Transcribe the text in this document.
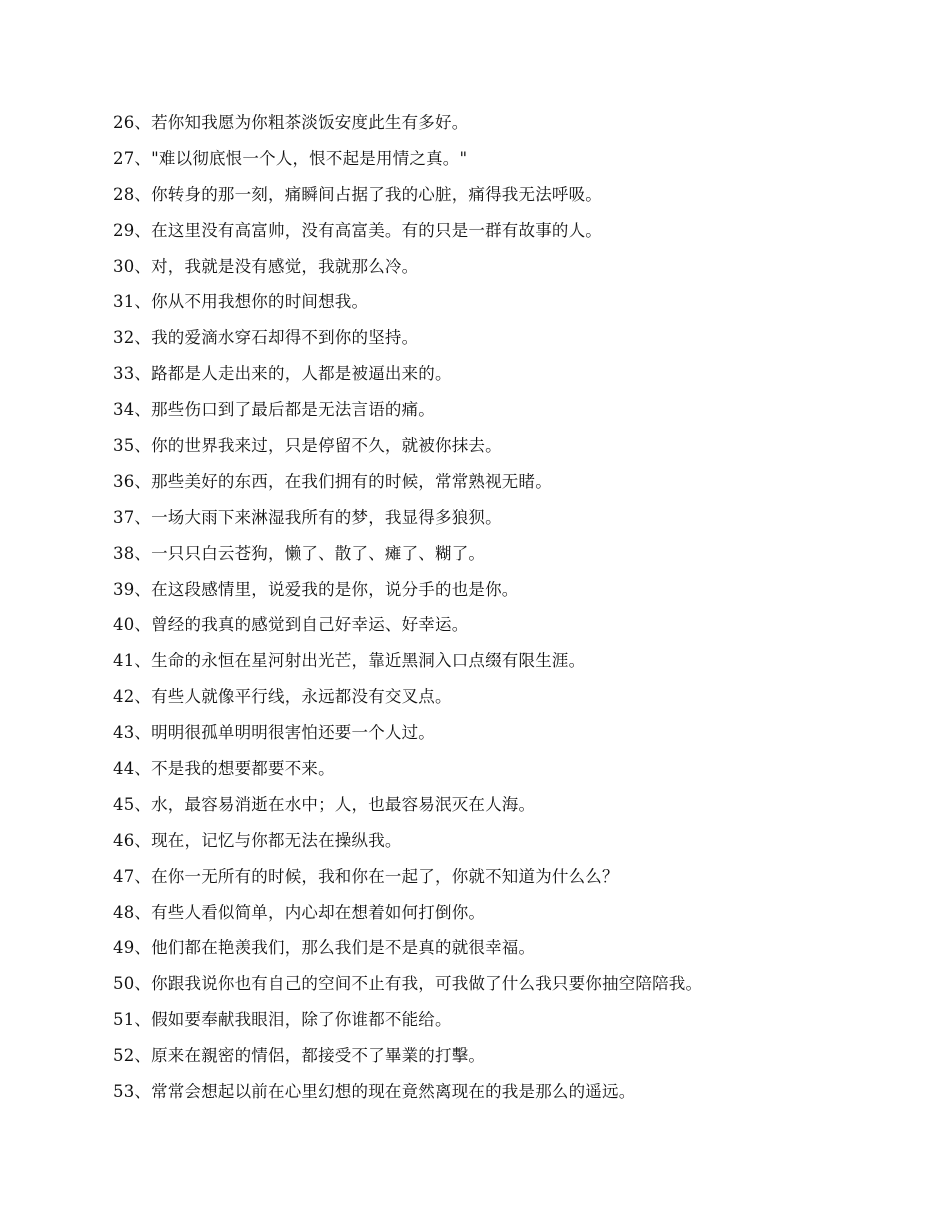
26、若你知我愿为你粗茶淡饭安度此生有多好。
27、"难以彻底恨一个人，恨不起是用情之真。"
28、你转身的那一刻，痛瞬间占据了我的心脏，痛得我无法呼吸。
29、在这里没有高富帅，没有高富美。有的只是一群有故事的人。
30、对，我就是没有感觉，我就那么冷。
31、你从不用我想你的时间想我。
32、我的爱滴水穿石却得不到你的坚持。
33、路都是人走出来的，人都是被逼出来的。
34、那些伤口到了最后都是无法言语的痛。
35、你的世界我来过，只是停留不久，就被你抹去。
36、那些美好的东西，在我们拥有的时候，常常熟视无睹。
37、一场大雨下来淋湿我所有的梦，我显得多狼狈。
38、一只只白云苍狗，懒了、散了、瘫了、糊了。
39、在这段感情里，说爱我的是你，说分手的也是你。
40、曾经的我真的感觉到自己好幸运、好幸运。
41、生命的永恒在星河射出光芒，靠近黑洞入口点缀有限生涯。
42、有些人就像平行线，永远都没有交叉点。
43、明明很孤单明明很害怕还要一个人过。
44、不是我的想要都要不来。
45、水，最容易消逝在水中；人，也最容易泯灭在人海。
46、现在，记忆与你都无法在操纵我。
47、在你一无所有的时候，我和你在一起了，你就不知道为什么么？
48、有些人看似简单，内心却在想着如何打倒你。
49、他们都在艳羡我们，那么我们是不是真的就很幸福。
50、你跟我说你也有自己的空间不止有我，可我做了什么我只要你抽空陪陪我。
51、假如要奉献我眼泪，除了你谁都不能给。
52、原来在親密的情侶，都接受不了畢業的打擊。
53、常常会想起以前在心里幻想的现在竟然离现在的我是那么的遥远。
